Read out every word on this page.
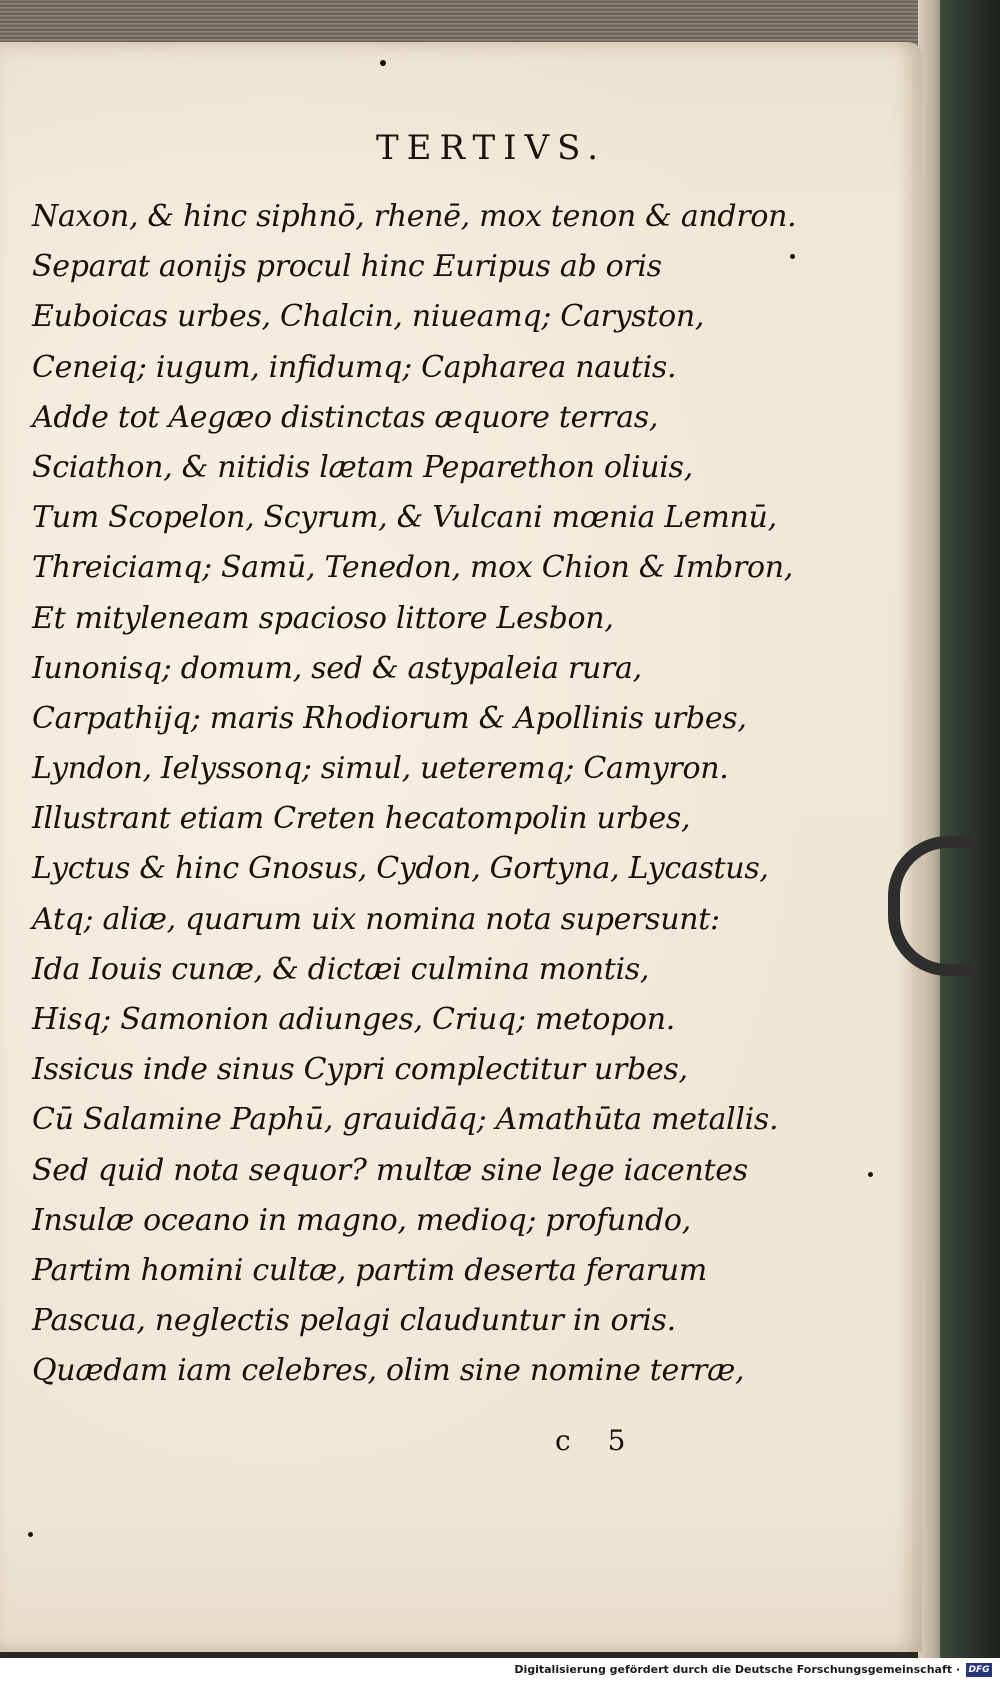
TERTIVS.
Naxon, & hinc siphnō, rhenē, mox tenon & andron.
Separat aonijs procul hinc Euripus ab oris
Euboicas urbes, Chalcin, niueamq; Caryston,
Ceneiq; iugum, infidumq; Capharea nautis.
Adde tot Aegæo distinctas æquore terras,
Sciathon, & nitidis lætam Peparethon oliuis,
Tum Scopelon, Scyrum, & Vulcani mœnia Lemnū,
Threiciamq; Samū, Tenedon, mox Chion & Imbron,
Et mityleneam spacioso littore Lesbon,
Iunonisq; domum, sed & astypaleia rura,
Carpathijq; maris Rhodiorum & Apollinis urbes,
Lyndon, Ielyssonq; simul, ueteremq; Camyron.
Illustrant etiam Creten hecatompolin urbes,
Lyctus & hinc Gnosus, Cydon, Gortyna, Lycastus,
Atq; aliæ, quarum uix nomina nota supersunt:
Ida Iouis cunæ, & dictæi culmina montis,
Hisq; Samonion adiunges, Criuq; metopon.
Issicus inde sinus Cypri complectitur urbes,
Cū Salamine Paphū, grauidāq; Amathūta metallis.
Sed quid nota sequor? multæ sine lege iacentes
Insulæ oceano in magno, medioq; profundo,
Partim homini cultæ, partim deserta ferarum
Pascua, neglectis pelagi clauduntur in oris.
Quædam iam celebres, olim sine nomine terræ,
c 5
Digitalisierung gefördert durch die Deutsche Forschungsgemeinschaft · DFG
